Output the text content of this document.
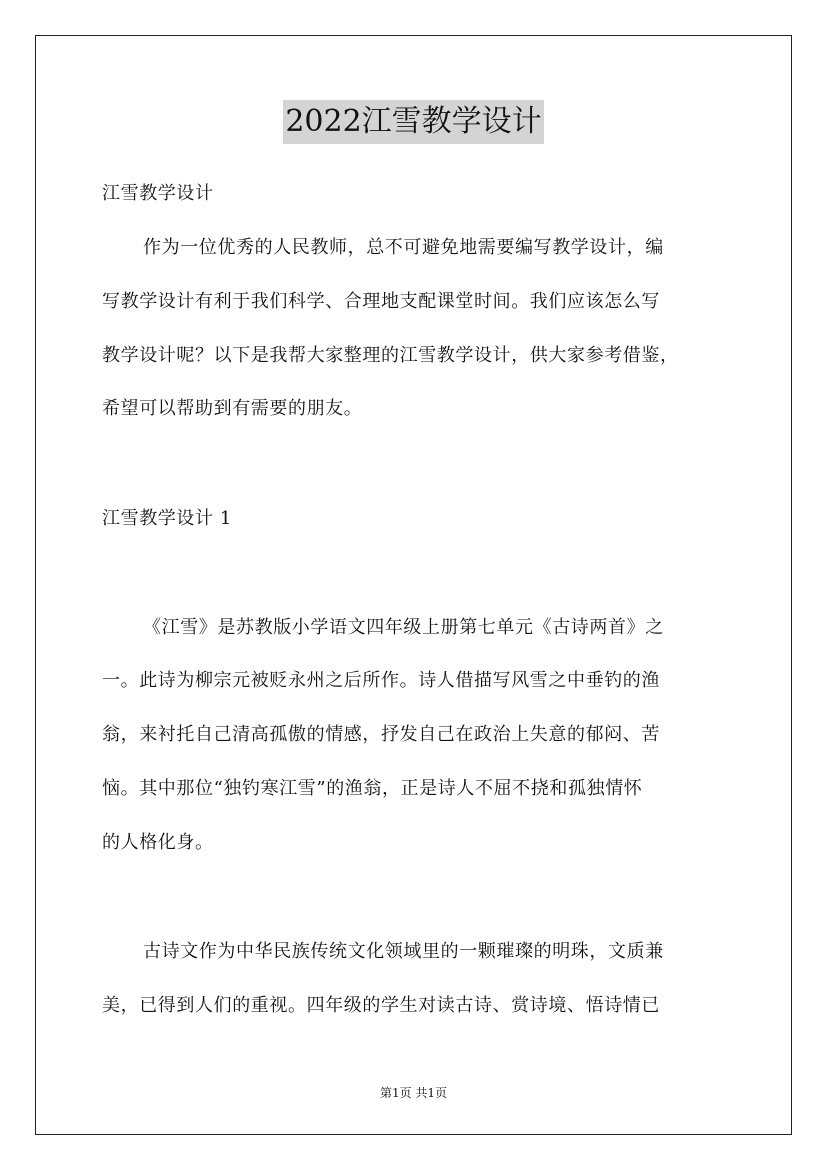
2022江雪教学设计
江雪教学设计
作为一位优秀的人民教师，总不可避免地需要编写教学设计，编
写教学设计有利于我们科学、合理地支配课堂时间。我们应该怎么写
教学设计呢？以下是我帮大家整理的江雪教学设计，供大家参考借鉴，
希望可以帮助到有需要的朋友。
江雪教学设计 1
《江雪》是苏教版小学语文四年级上册第七单元《古诗两首》之
一。此诗为柳宗元被贬永州之后所作。诗人借描写风雪之中垂钓的渔
翁，来衬托自己清高孤傲的情感，抒发自己在政治上失意的郁闷、苦
恼。其中那位“独钓寒江雪”的渔翁，正是诗人不屈不挠和孤独情怀
的人格化身。
古诗文作为中华民族传统文化领域里的一颗璀璨的明珠，文质兼
美，已得到人们的重视。四年级的学生对读古诗、赏诗境、悟诗情已
第1页 共1页
